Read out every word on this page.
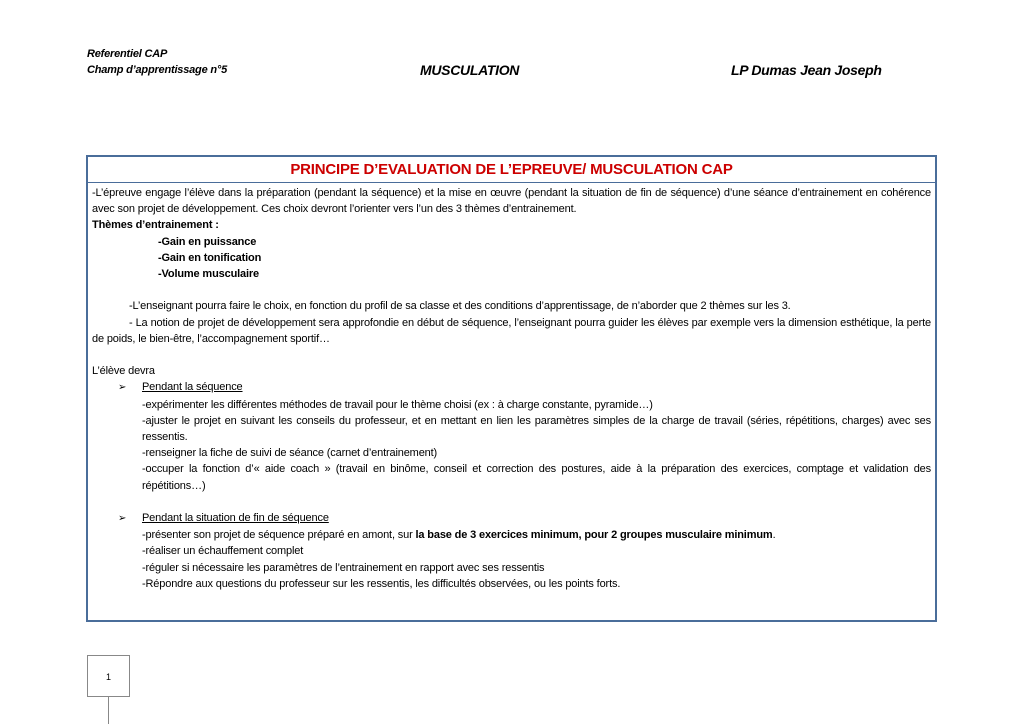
Referentiel CAP
Champ d’apprentissage n°5	MUSCULATION	LP Dumas Jean Joseph
PRINCIPE D’EVALUATION DE L’EPREUVE/ MUSCULATION CAP

-L’épreuve engage l’élève dans la préparation (pendant la séquence) et la mise en œuvre (pendant la situation de fin de séquence) d’une séance d’entrainement en cohérence avec son projet de développement. Ces choix devront l’orienter vers l’un des 3 thèmes d’entrainement.

Thèmes d’entrainement :

-Gain en puissance

-Gain en tonification

-Volume musculaire

-L’enseignant pourra faire le choix, en fonction du profil de sa classe et des conditions d’apprentissage, de n’aborder que 2 thèmes sur les 3.

- La notion de projet de développement sera approfondie en début de séquence, l’enseignant pourra guider les élèves par exemple vers la dimension esthétique, la perte de poids, le bien-être, l’accompagnement sportif…

L’élève devra

➢ Pendant la séquence

-expérimenter les différentes méthodes de travail pour le thème choisi (ex : à charge constante, pyramide…)

-ajuster le projet en suivant les conseils du professeur, et en mettant en lien les paramètres simples de la charge de travail (séries, répétitions, charges) avec ses ressentis.

-renseigner la fiche de suivi de séance (carnet d’entrainement)

-occuper la fonction d’« aide coach » (travail en binôme, conseil et correction des postures, aide à la préparation des exercices, comptage et validation des répétitions…)

➢ Pendant la situation de fin de séquence

-présenter son projet de séquence préparé en amont, sur la base de 3 exercices minimum, pour 2 groupes musculaire minimum.

-réaliser un échauffement complet

-réguler si nécessaire les paramètres de l’entrainement en rapport avec ses ressentis

-Répondre aux questions du professeur sur les ressentis, les difficultés observées, ou les points forts.

1
